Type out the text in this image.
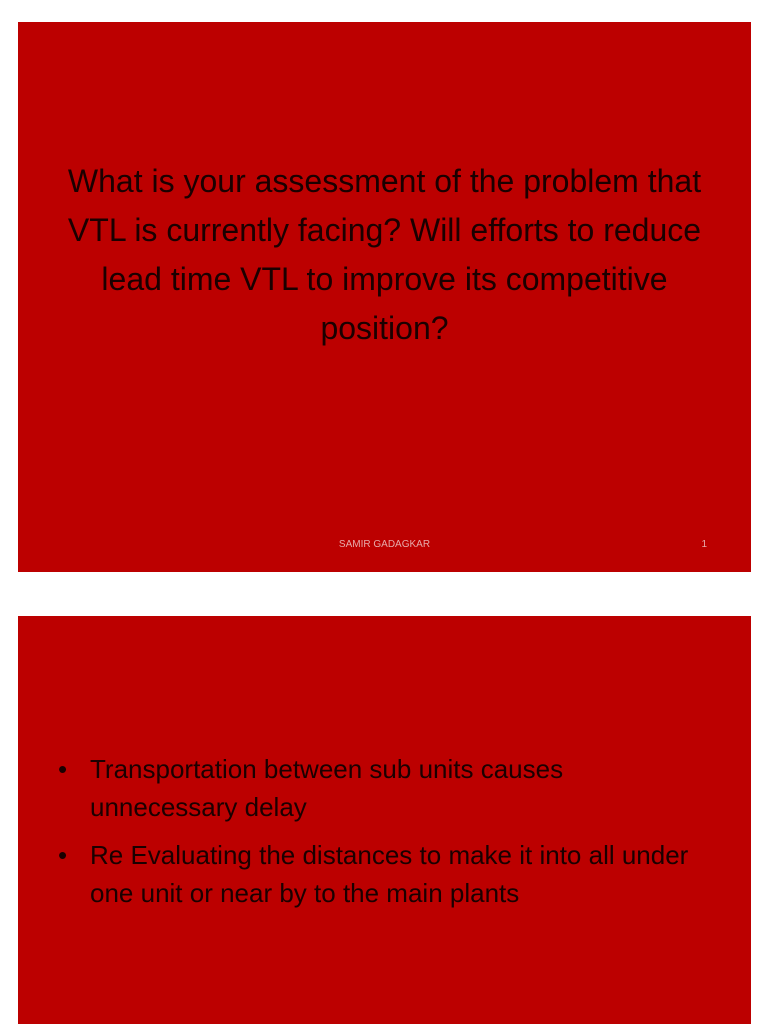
What is your assessment of the problem that VTL is currently facing? Will efforts to reduce lead time VTL to improve its competitive position?

SAMIR GADAGKAR	1

• Transportation between sub units causes unnecessary delay
• Re Evaluating the distances to make it into all under one unit or near by to the main plants
